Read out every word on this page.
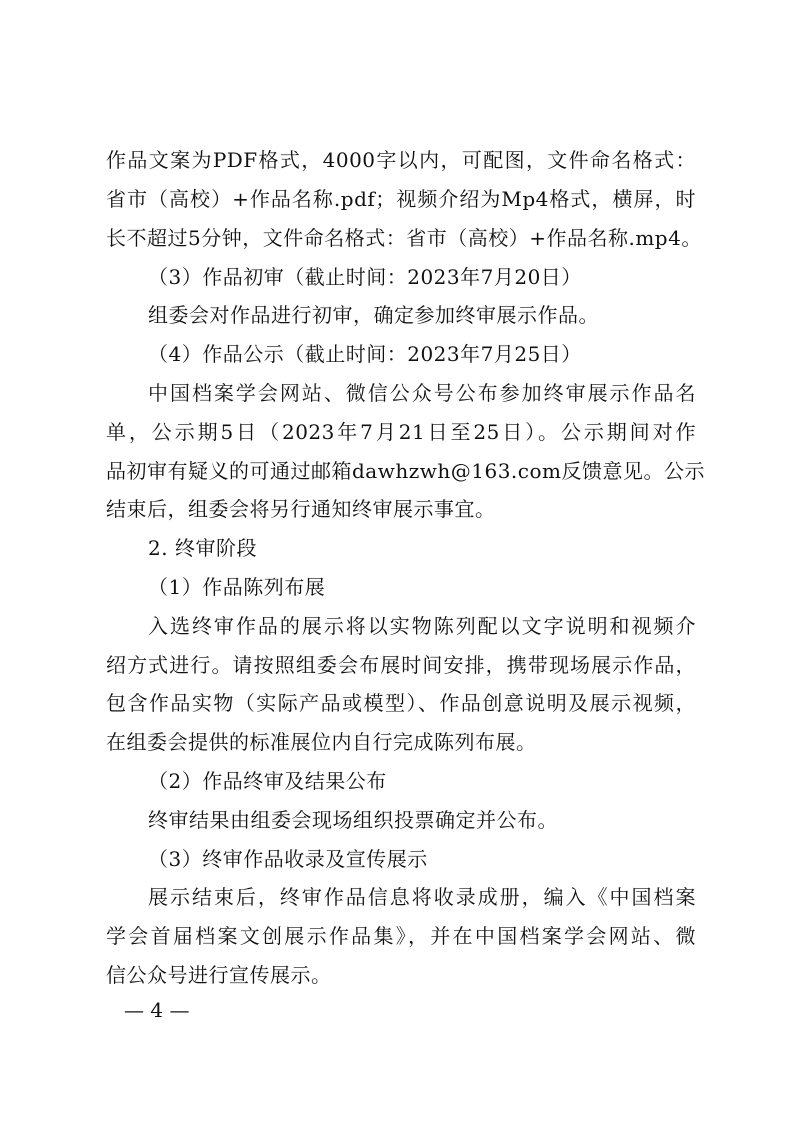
作品文案为PDF格式，4000字以内，可配图，文件命名格式：
省市（高校）+作品名称.pdf；视频介绍为Mp4格式，横屏，时
长不超过5分钟，文件命名格式：省市（高校）+作品名称.mp4。
（3）作品初审（截止时间：2023年7月20日）
组委会对作品进行初审，确定参加终审展示作品。
（4）作品公示（截止时间：2023年7月25日）
中国档案学会网站、微信公众号公布参加终审展示作品名
单，公示期5日（2023年7月21日至25日）。公示期间对作
品初审有疑义的可通过邮箱dawhzwh@163.com反馈意见。公示
结束后，组委会将另行通知终审展示事宜。
2. 终审阶段
（1）作品陈列布展
入选终审作品的展示将以实物陈列配以文字说明和视频介
绍方式进行。请按照组委会布展时间安排，携带现场展示作品，
包含作品实物（实际产品或模型）、作品创意说明及展示视频，
在组委会提供的标准展位内自行完成陈列布展。
（2）作品终审及结果公布
终审结果由组委会现场组织投票确定并公布。
（3）终审作品收录及宣传展示
展示结束后，终审作品信息将收录成册，编入《中国档案
学会首届档案文创展示作品集》，并在中国档案学会网站、微
信公众号进行宣传展示。
— 4 —
